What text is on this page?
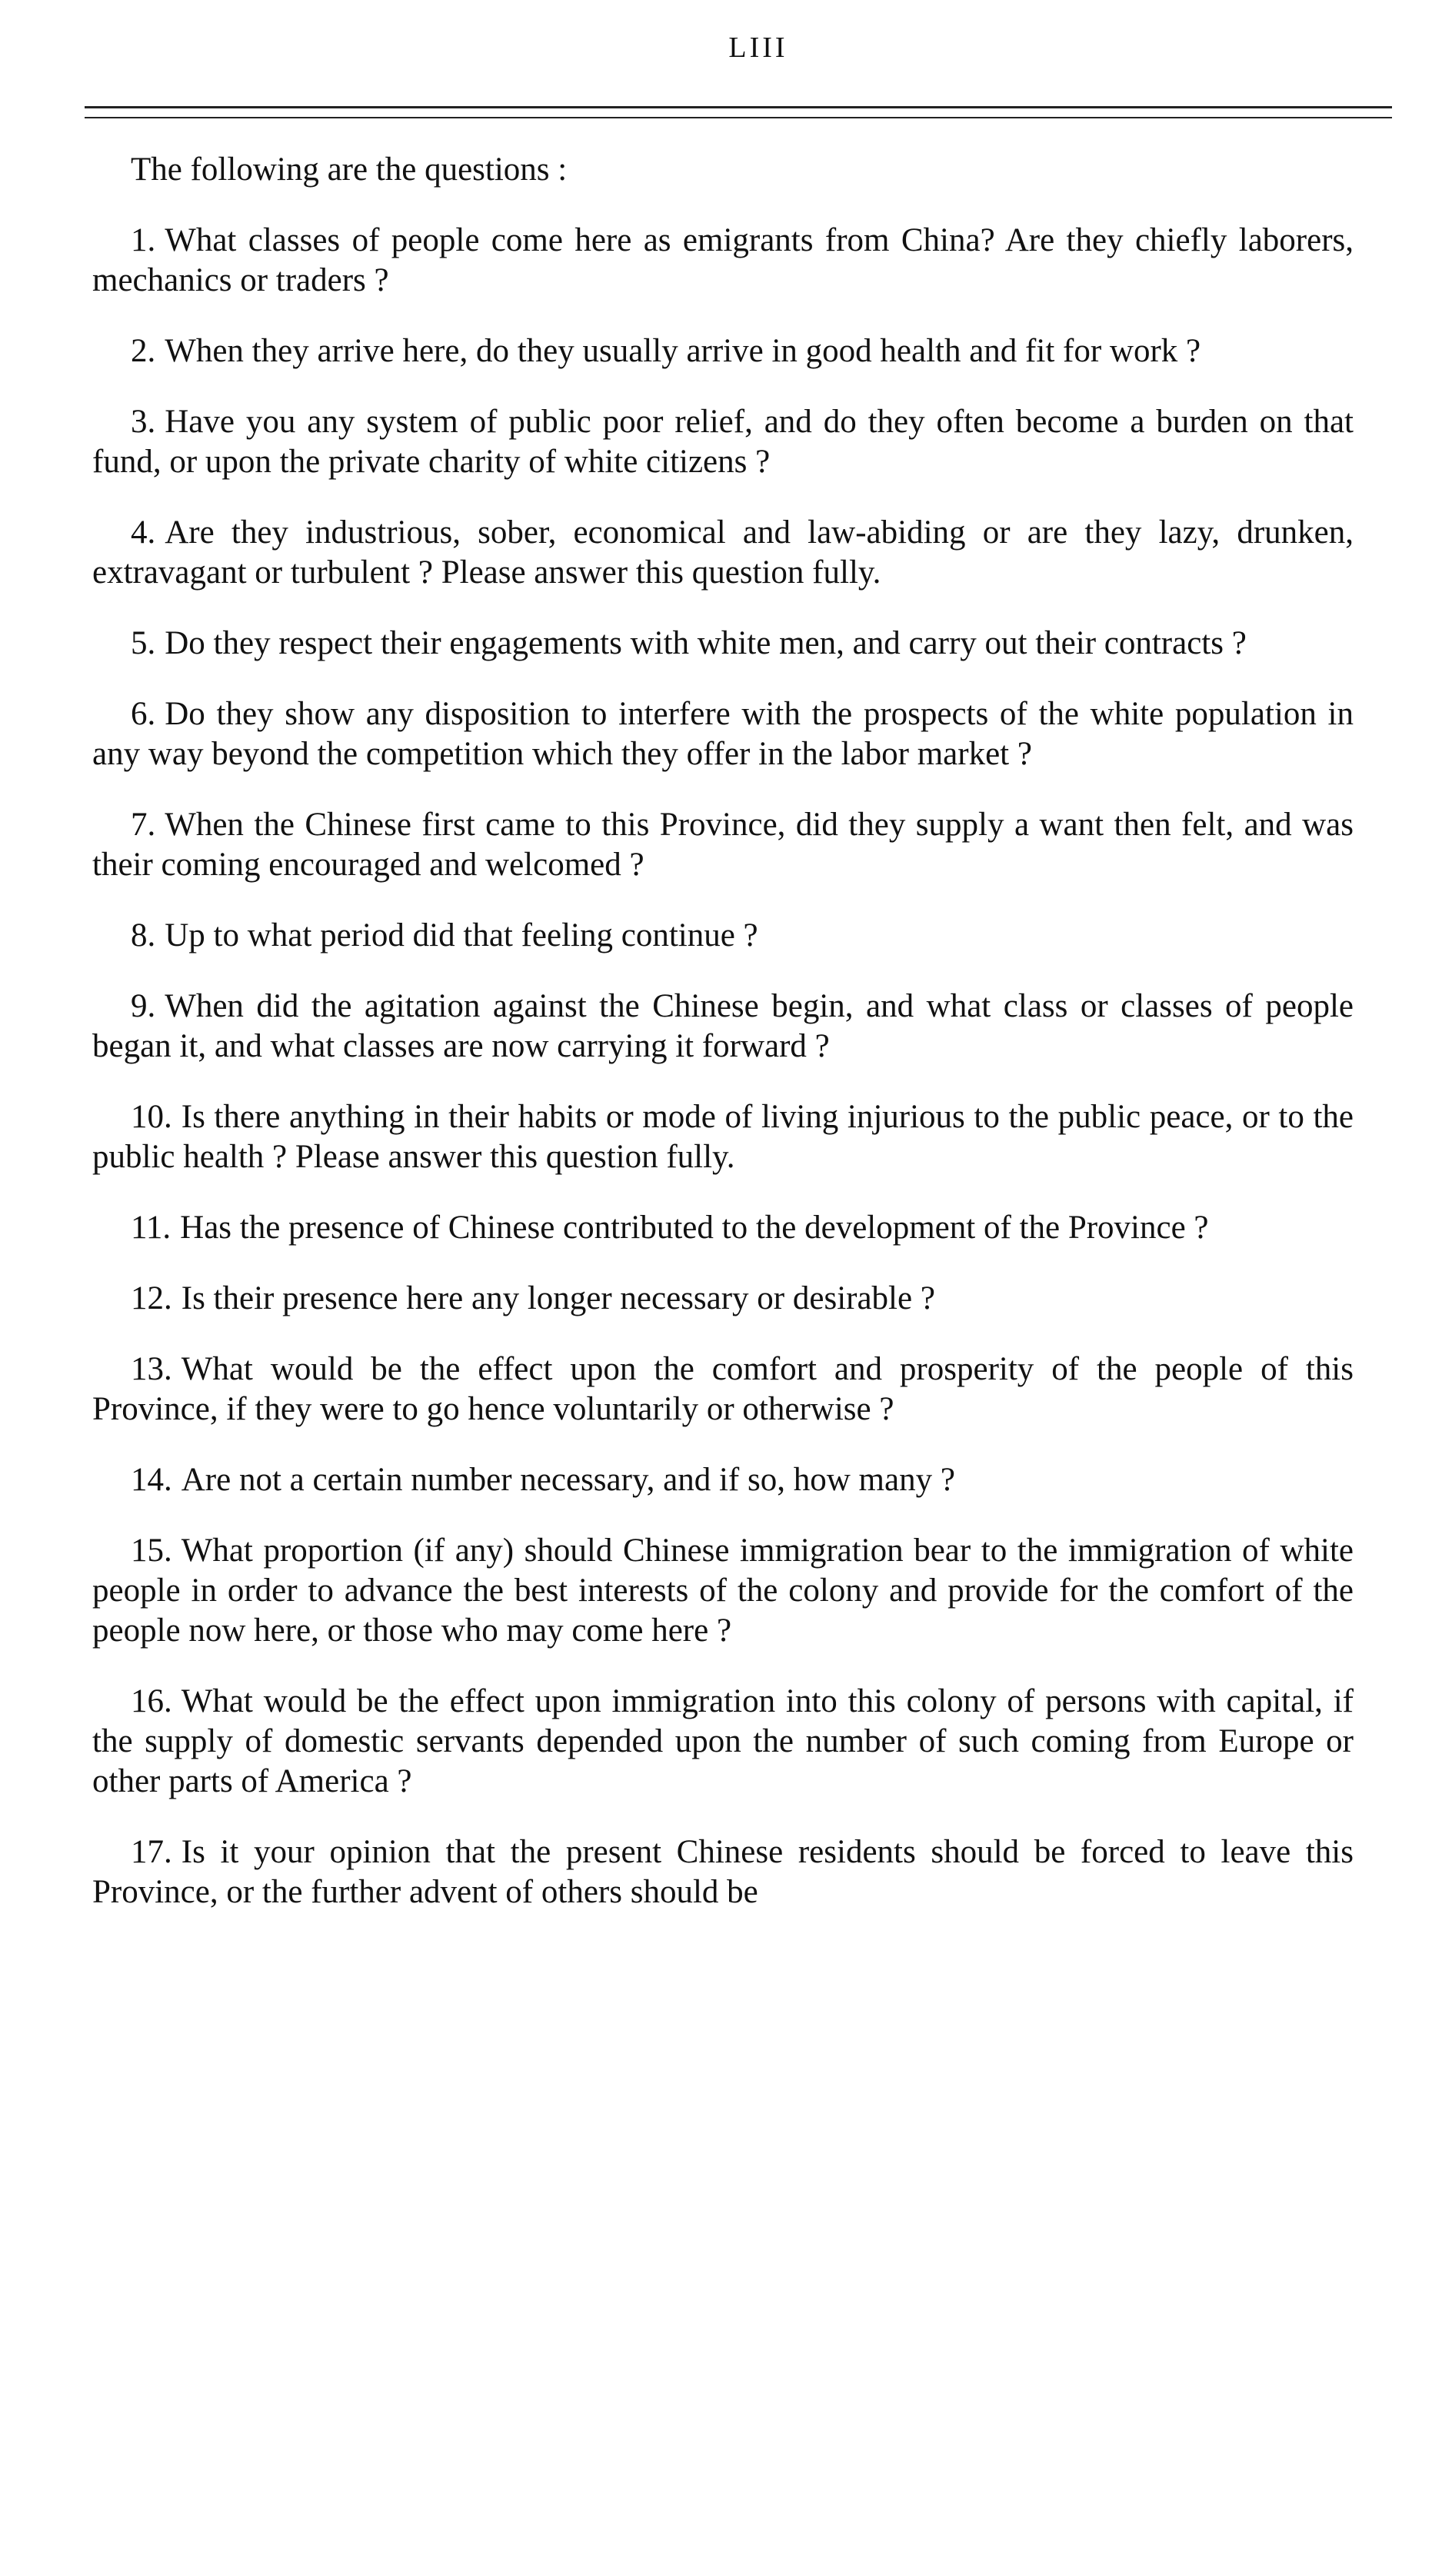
LIII

The following are the questions :

1. What classes of people come here as emigrants from China? Are they chiefly laborers, mechanics or traders ?

2. When they arrive here, do they usually arrive in good health and fit for work ?

3. Have you any system of public poor relief, and do they often become a burden on that fund, or upon the private charity of white citizens ?

4. Are they industrious, sober, economical and law-abiding or are they lazy, drunken, extravagant or turbulent ? Please answer this question fully.

5. Do they respect their engagements with white men, and carry out their contracts ?

6. Do they show any disposition to interfere with the prospects of the white population in any way beyond the competition which they offer in the labor market ?

7. When the Chinese first came to this Province, did they supply a want then felt, and was their coming encouraged and welcomed ?

8. Up to what period did that feeling continue ?

9. When did the agitation against the Chinese begin, and what class or classes of people began it, and what classes are now carrying it forward ?

10. Is there anything in their habits or mode of living injurious to the public peace, or to the public health ? Please answer this question fully.

11. Has the presence of Chinese contributed to the development of the Province ?

12. Is their presence here any longer necessary or desirable ?

13. What would be the effect upon the comfort and prosperity of the people of this Province, if they were to go hence voluntarily or otherwise ?

14. Are not a certain number necessary, and if so, how many ?

15. What proportion (if any) should Chinese immigration bear to the immigration of white people in order to advance the best interests of the colony and provide for the comfort of the people now here, or those who may come here ?

16. What would be the effect upon immigration into this colony of persons with capital, if the supply of domestic servants depended upon the number of such coming from Europe or other parts of America ?

17. Is it your opinion that the present Chinese residents should be forced to leave this Province, or the further advent of others should be
